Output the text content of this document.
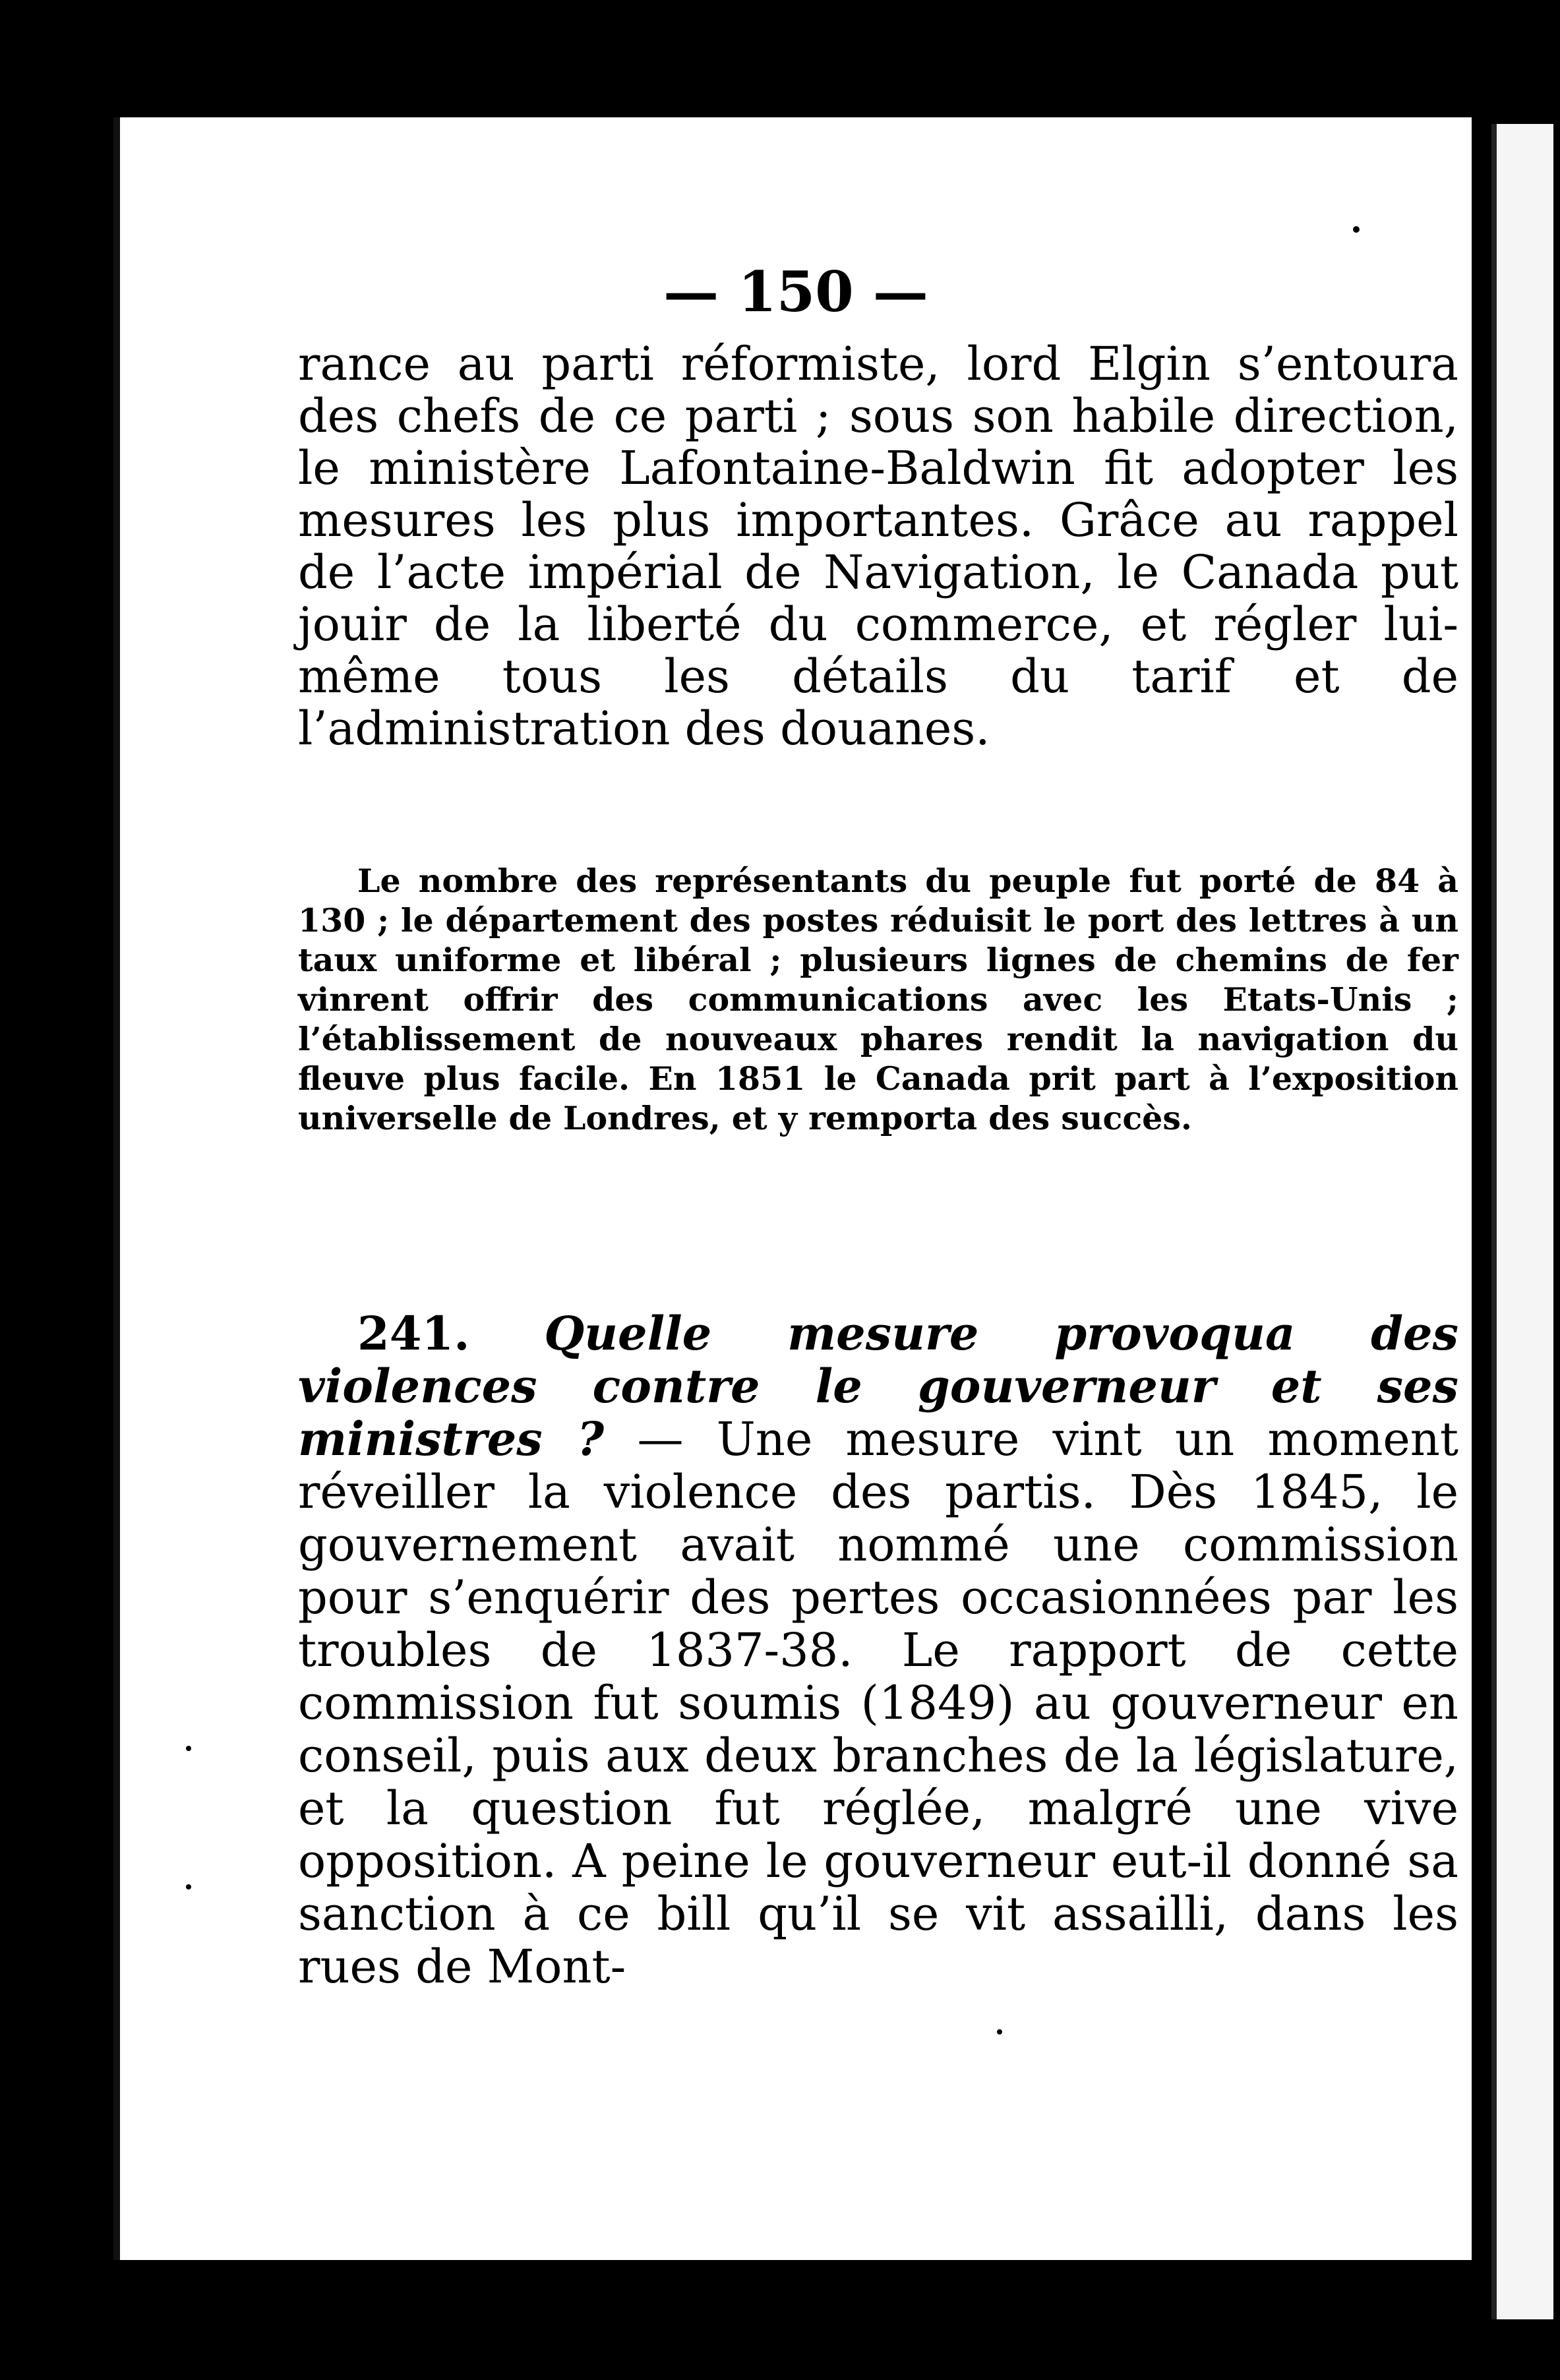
— 150 —
rance au parti réformiste, lord Elgin s’entoura des chefs de ce parti ; sous son habile direction, le ministère Lafontaine-Baldwin fit adopter les mesures les plus importantes. Grâce au rappel de l’acte impérial de Navigation, le Canada put jouir de la liberté du commerce, et régler lui-même tous les détails du tarif et de l’administration des douanes.
Le nombre des représentants du peuple fut porté de 84 à 130 ; le département des postes réduisit le port des lettres à un taux uniforme et libéral ; plusieurs lignes de chemins de fer vinrent offrir des communications avec les Etats-Unis ; l’établissement de nouveaux phares rendit la navigation du fleuve plus facile. En 1851 le Canada prit part à l’exposition universelle de Londres, et y remporta des succès.
241. Quelle mesure provoqua des violences contre le gouverneur et ses ministres ? — Une mesure vint un moment réveiller la violence des partis. Dès 1845, le gouvernement avait nommé une commission pour s’enquérir des pertes occasionnées par les troubles de 1837-38. Le rapport de cette commission fut soumis (1849) au gouverneur en conseil, puis aux deux branches de la législature, et la question fut réglée, malgré une vive opposition. A peine le gouverneur eut-il donné sa sanction à ce bill qu’il se vit assailli, dans les rues de Mont-
